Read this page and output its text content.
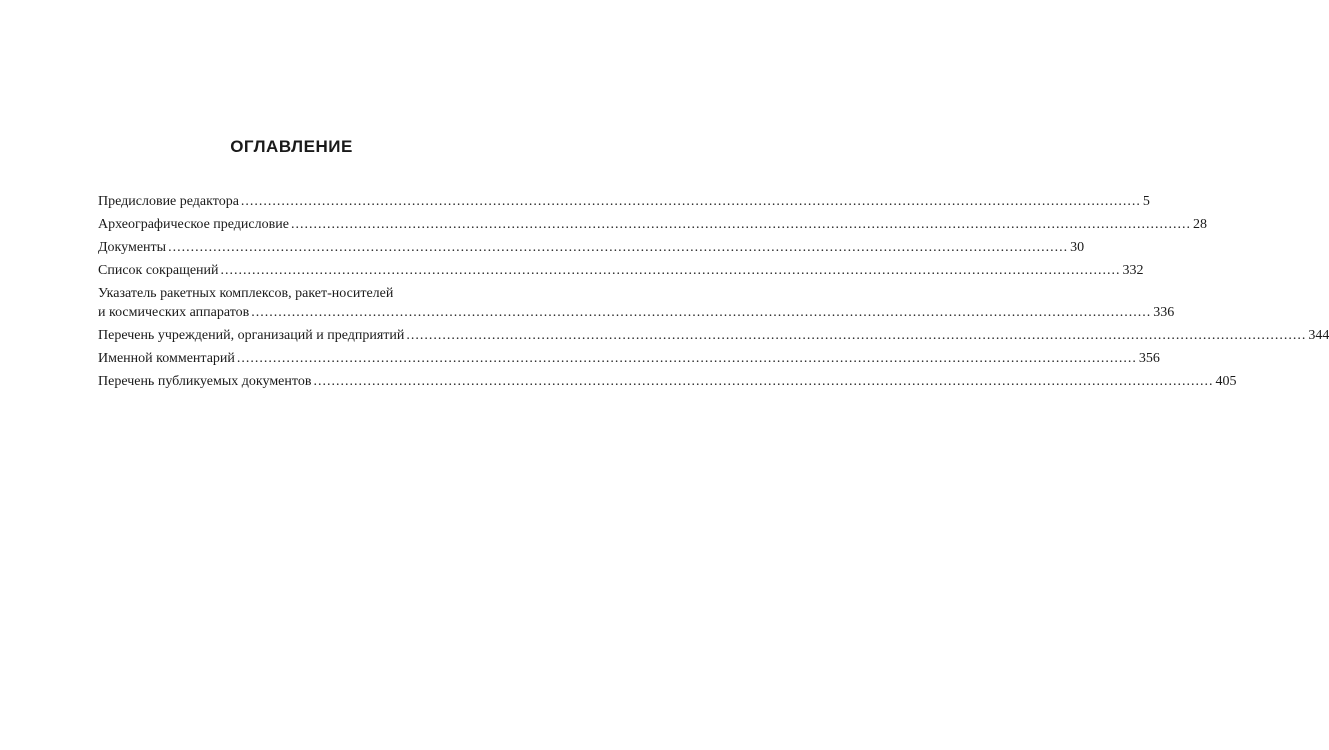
ОГЛАВЛЕНИЕ
Предисловие редактора ........................................................................................................................................................................................................ 5
Археографическое предисловие ........................................................................................................................................................................................................ 28
Документы ........................................................................................................................................................................................................ 30
Список сокращений ........................................................................................................................................................................................................ 332
Указатель ракетных комплексов, ракет-носителей
и космических аппаратов ........................................................................................................................................................................................................ 336
Перечень учреждений, организаций и предприятий ........................................................................................................................................................................................................ 344
Именной комментарий ........................................................................................................................................................................................................ 356
Перечень публикуемых документов ........................................................................................................................................................................................................ 405
